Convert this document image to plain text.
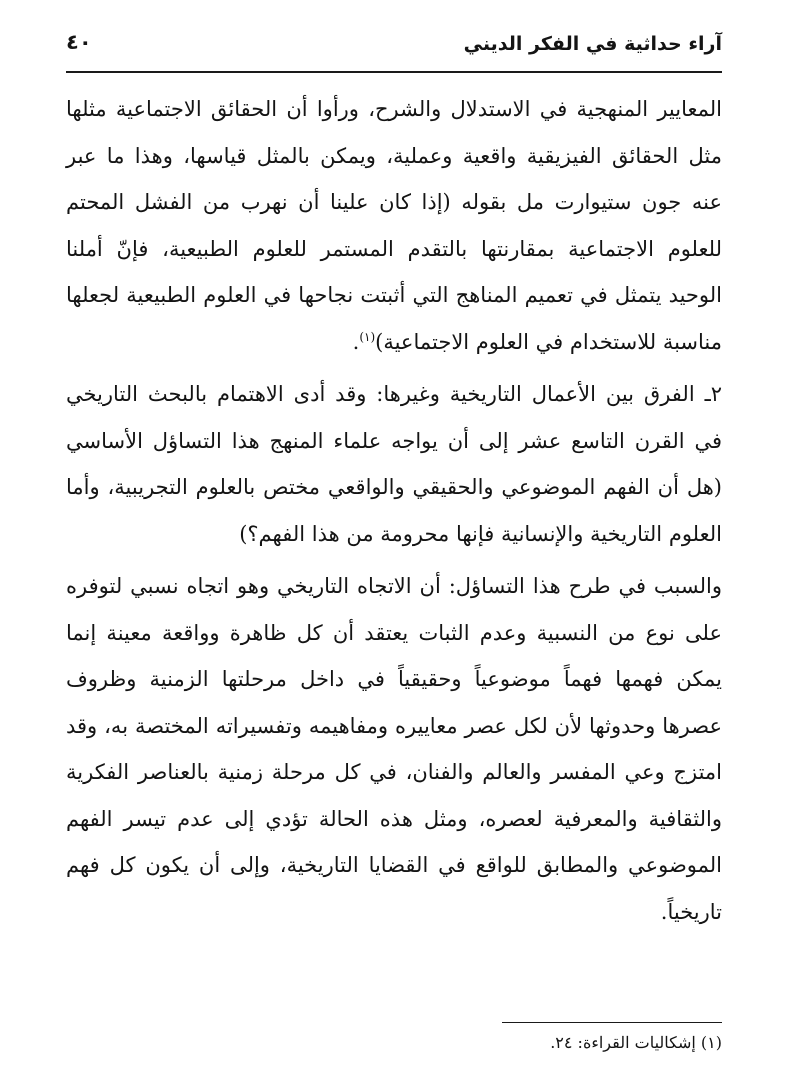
آراء حداثية في الفكر الديني
٤٠

المعايير المنهجية في الاستدلال والشرح، ورأوا أن الحقائق الاجتماعية مثلها مثل الحقائق الفيزيقية واقعية وعملية، ويمكن بالمثل قياسها، وهذا ما عبر عنه جون ستيوارت مل بقوله (إذا كان علينا أن نهرب من الفشل المحتم للعلوم الاجتماعية بمقارنتها بالتقدم المستمر للعلوم الطبيعية، فإنّ أملنا الوحيد يتمثل في تعميم المناهج التي أثبتت نجاحها في العلوم الطبيعية لجعلها مناسبة للاستخدام في العلوم الاجتماعية)$^{(١)}$.

٢ـ الفرق بين الأعمال التاريخية وغيرها: وقد أدى الاهتمام بالبحث التاريخي في القرن التاسع عشر إلى أن يواجه علماء المنهج هذا التساؤل الأساسي (هل أن الفهم الموضوعي والحقيقي والواقعي مختص بالعلوم التجريبية، وأما العلوم التاريخية والإنسانية فإنها محرومة من هذا الفهم؟)

والسبب في طرح هذا التساؤل: أن الاتجاه التاريخي وهو اتجاه نسبي لتوفره على نوع من النسبية وعدم الثبات يعتقد أن كل ظاهرة وواقعة معينة إنما يمكن فهمها فهماً موضوعياً وحقيقياً في داخل مرحلتها الزمنية وظروف عصرها وحدوثها لأن لكل عصر معاييره ومفاهيمه وتفسيراته المختصة به، وقد امتزج وعي المفسر والعالم والفنان، في كل مرحلة زمنية بالعناصر الفكرية والثقافية والمعرفية لعصره، ومثل هذه الحالة تؤدي إلى عدم تيسر الفهم الموضوعي والمطابق للواقع في القضايا التاريخية، وإلى أن يكون كل فهم تاريخياً.

(١) إشكاليات القراءة: ٢٤.
